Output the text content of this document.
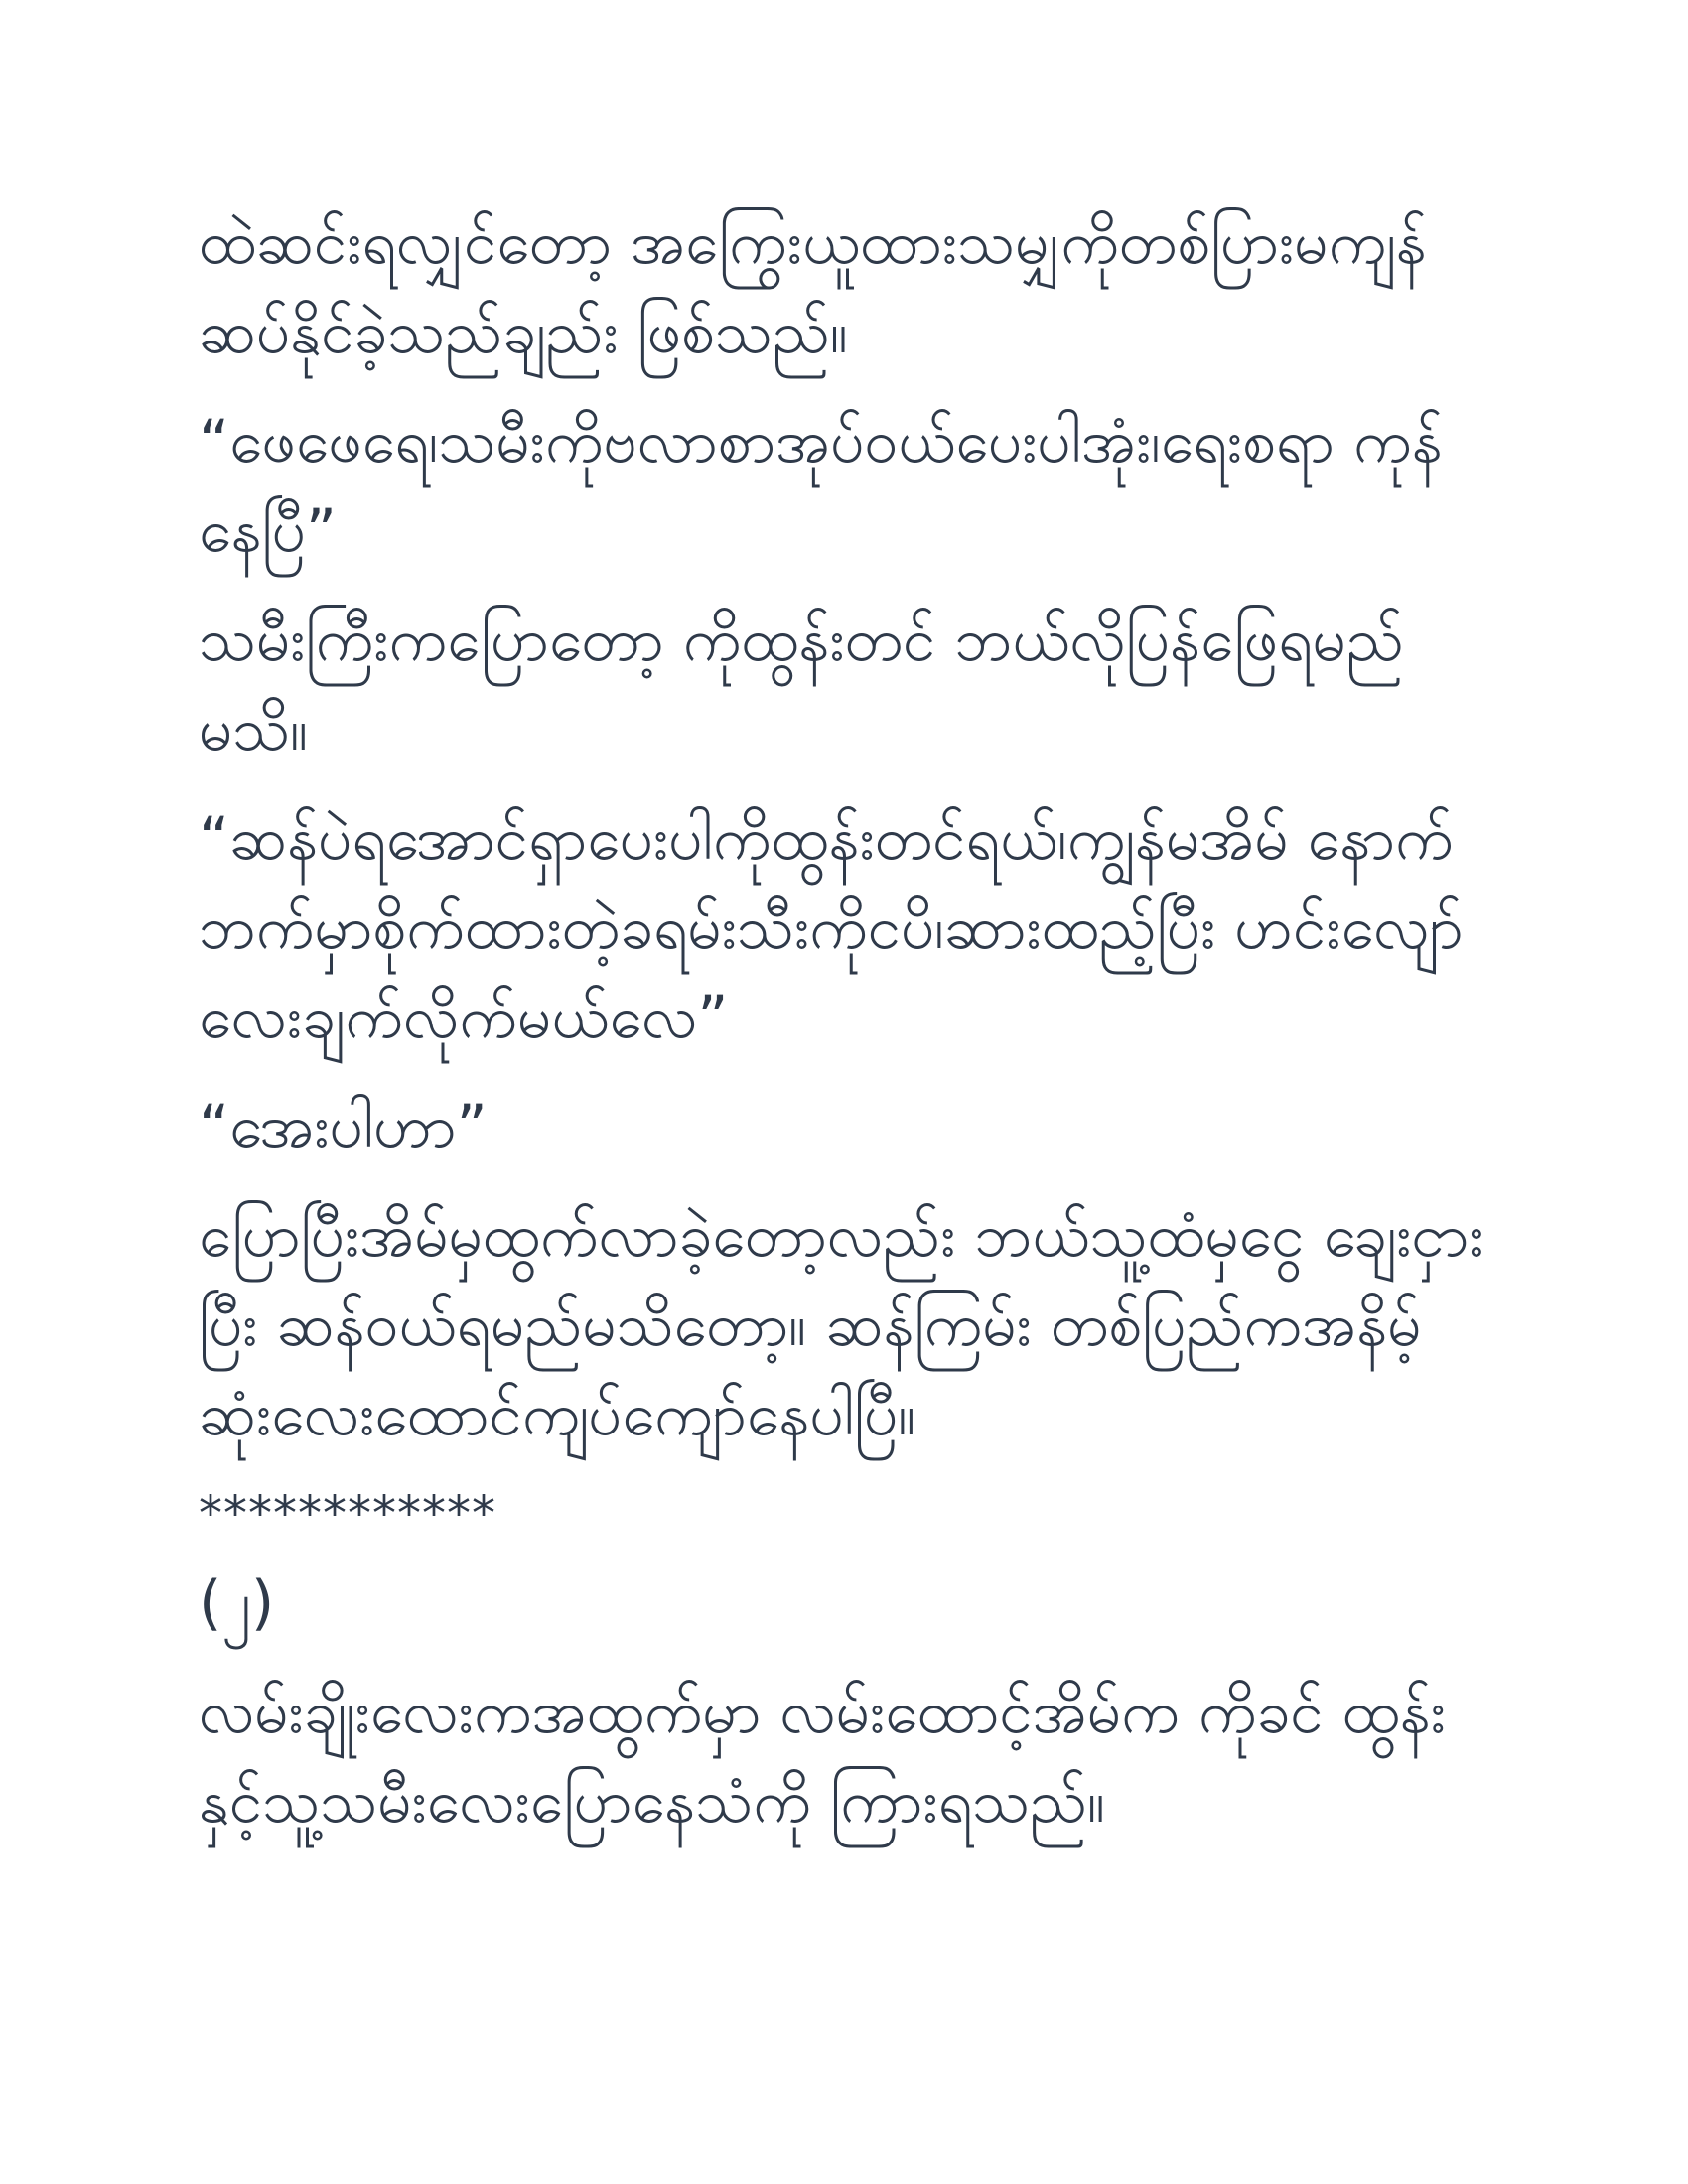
ထဲဆင်းရလျှင်တော့ အကြွေးယူထားသမျှကိုတစ်ပြားမကျန် ဆပ်နိုင်ခဲ့သည်ချည်း ဖြစ်သည်။

“ဖေဖေရေ၊သမီးကိုဗလာစာအုပ်ဝယ်ပေးပါအုံး၊ရေးစရာ ကုန်နေပြီ”

သမီးကြီးကပြောတော့ ကိုထွန်းတင် ဘယ်လိုပြန်ဖြေရမည် မသိ။

“ဆန်ပဲရအောင်ရှာပေးပါကိုထွန်းတင်ရယ်၊ကျွန်မအိမ် နောက်ဘက်မှာစိုက်ထားတဲ့ခရမ်းသီးကိုငပိ၊ဆားထည့်ပြီး ဟင်းလျော်လေးချက်လိုက်မယ်လေ”

“အေးပါဟာ”

ပြောပြီးအိမ်မှထွက်လာခဲ့တော့လည်း ဘယ်သူ့ထံမှငွေ ချေးငှားပြီး ဆန်ဝယ်ရမည်မသိတော့။ ဆန်ကြမ်း တစ်ပြည်ကအနိမ့်ဆုံးလေးထောင်ကျပ်ကျော်နေပါပြီ။

************

(၂)

လမ်းချိုးလေးကအထွက်မှာ လမ်းထောင့်အိမ်က ကိုခင် ထွန်းနှင့်သူ့သမီးလေးပြောနေသံကို ကြားရသည်။
